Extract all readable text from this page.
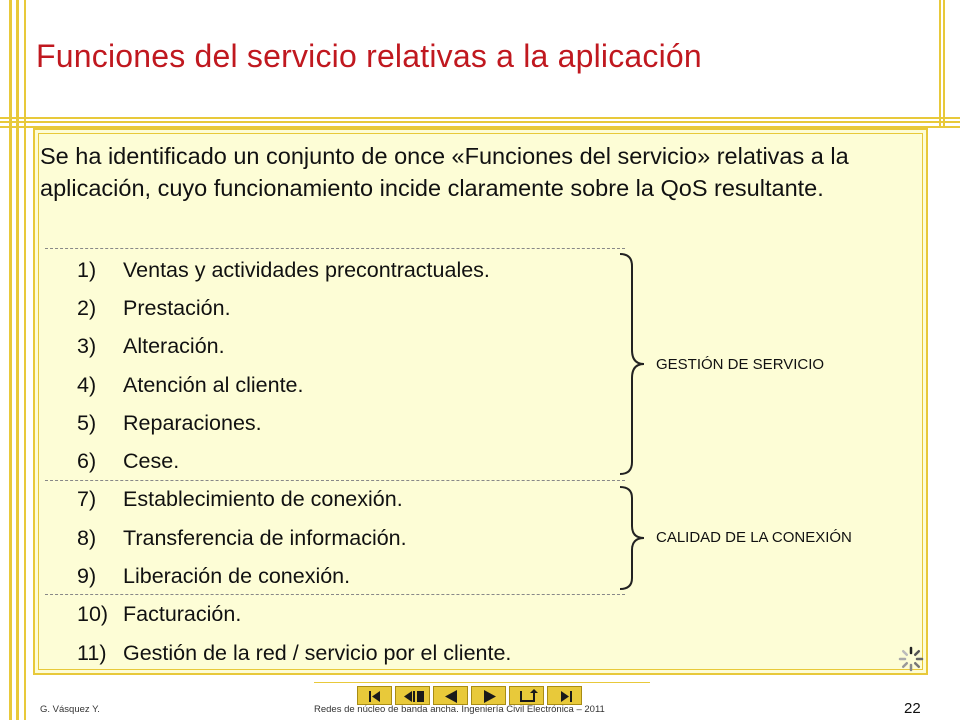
Funciones del servicio relativas a la aplicación

Se ha identificado un conjunto de once «Funciones del servicio» relativas a la aplicación, cuyo funcionamiento incide claramente sobre la QoS resultante.

1) Ventas y actividades precontractuales.
2) Prestación.
3) Alteración.
4) Atención al cliente.
5) Reparaciones.
6) Cese.
7) Establecimiento de conexión.
8) Transferencia de información.
9) Liberación de conexión.
10) Facturación.
11) Gestión de la red / servicio por el cliente.
GESTIÓN DE SERVICIO
CALIDAD DE LA CONEXIÓN
G. Vásquez Y.	Redes de núcleo de banda ancha. Ingeniería Civil Electrónica – 2011	22
